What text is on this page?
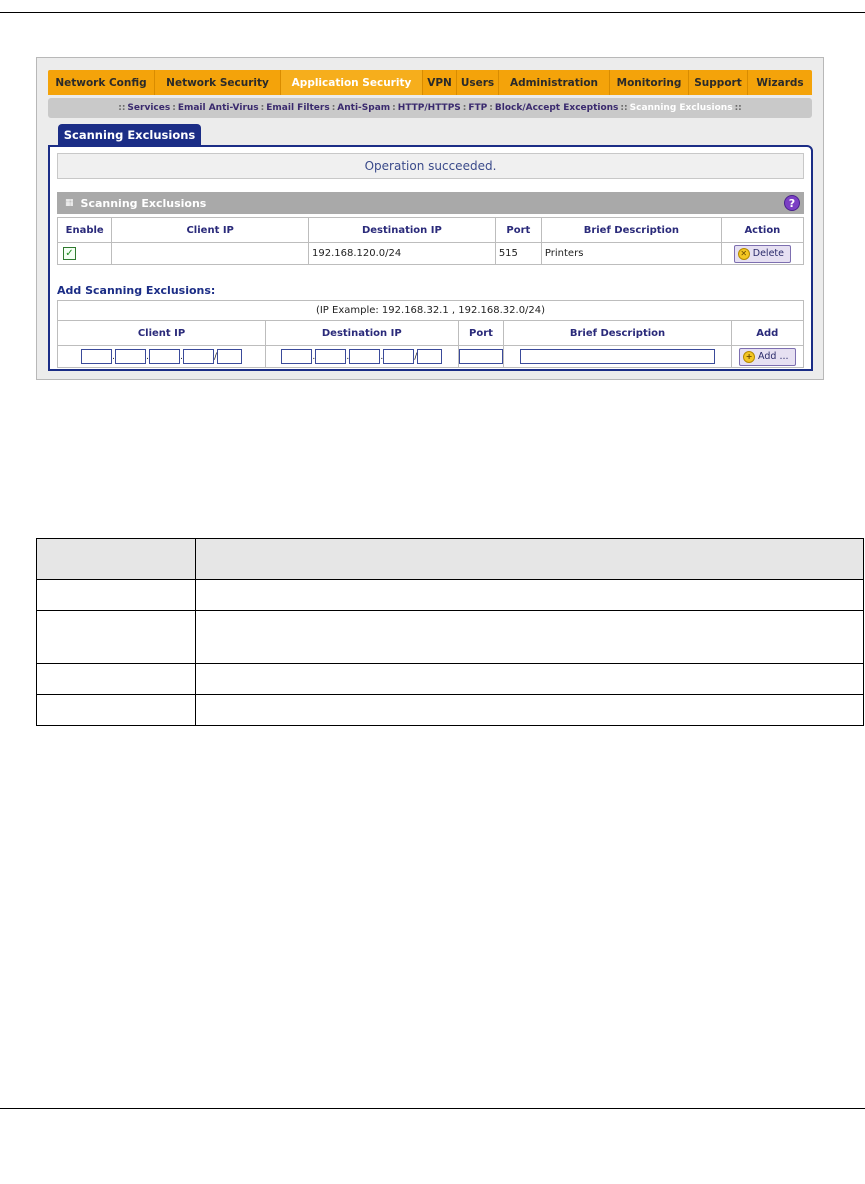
Network Config	Network Security	Application Security	VPN Users	Administration	Monitoring	Support	Wizards
:: Services : Email Anti-Virus : Email Filters : Anti-Spam : HTTP/HTTPS : FTP : Block/Accept Exceptions :: Scanning Exclusions ::
Scanning Exclusions
Operation succeeded.
▦ Scanning Exclusions	?
Enable	Client IP	Destination IP	Port	Brief Description	Action
✓		192.168.120.0/24	515	Printers	✕ Delete
Add Scanning Exclusions:
(IP Example: 192.168.32.1 , 192.168.32.0/24)				
Client IP	Destination IP	Port	Brief Description	Add
. . . /	. . . /			+ Add ...
